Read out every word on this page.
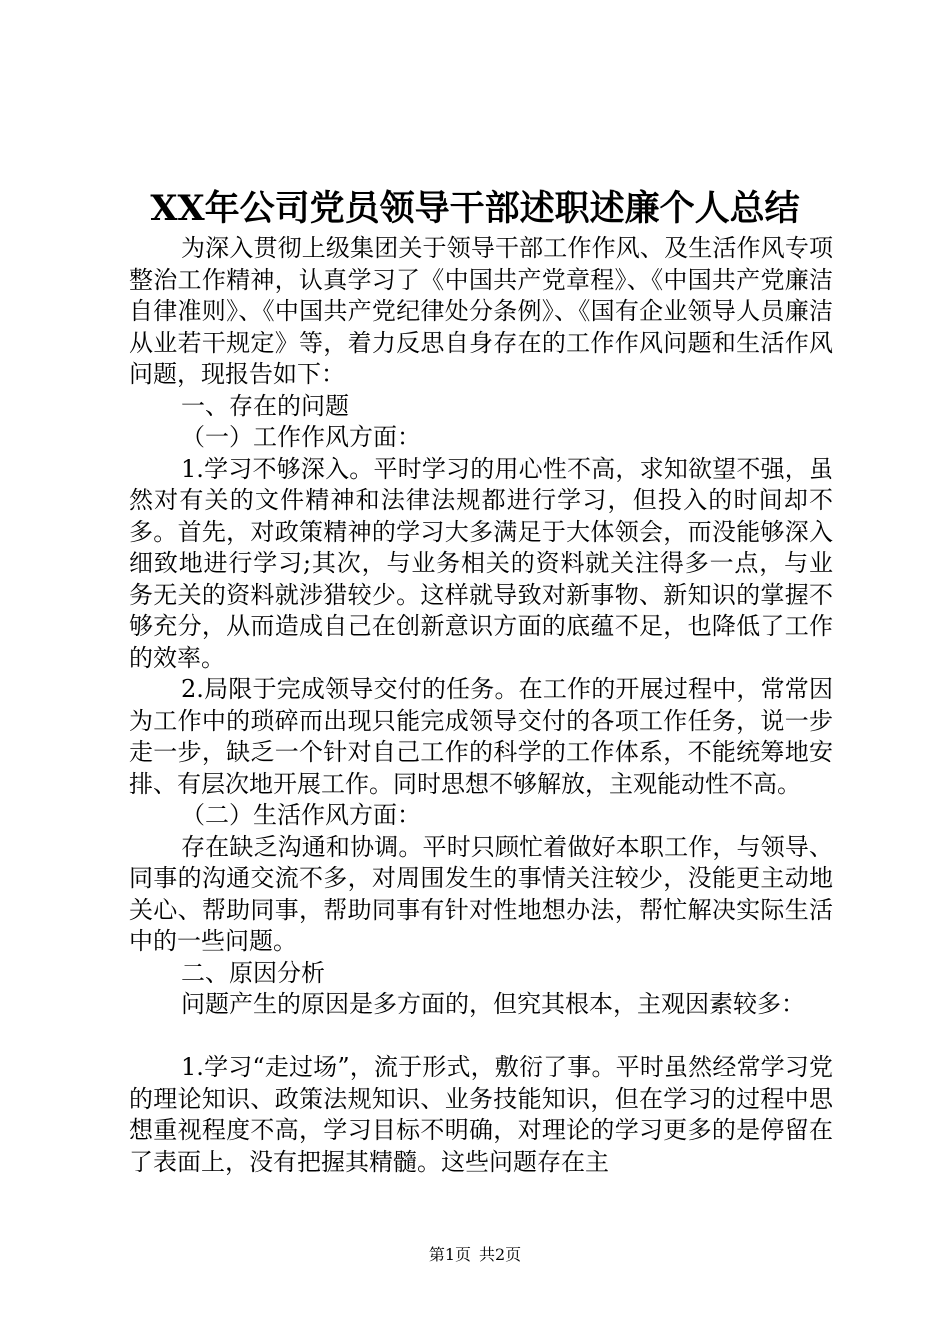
XX年公司党员领导干部述职述廉个人总结

为深入贯彻上级集团关于领导干部工作作风、及生活作风专项整治工作精神，认真学习了《中国共产党章程》、《中国共产党廉洁自律准则》、《中国共产党纪律处分条例》、《国有企业领导人员廉洁从业若干规定》等，着力反思自身存在的工作作风问题和生活作风问题，现报告如下：

一、存在的问题

（一）工作作风方面：

1.学习不够深入。平时学习的用心性不高，求知欲望不强，虽然对有关的文件精神和法律法规都进行学习，但投入的时间却不多。首先，对政策精神的学习大多满足于大体领会，而没能够深入细致地进行学习;其次，与业务相关的资料就关注得多一点，与业务无关的资料就涉猎较少。这样就导致对新事物、新知识的掌握不够充分，从而造成自己在创新意识方面的底蕴不足，也降低了工作的效率。

2.局限于完成领导交付的任务。在工作的开展过程中，常常因为工作中的琐碎而出现只能完成领导交付的各项工作任务，说一步走一步，缺乏一个针对自己工作的科学的工作体系，不能统筹地安排、有层次地开展工作。同时思想不够解放，主观能动性不高。

（二）生活作风方面：

存在缺乏沟通和协调。平时只顾忙着做好本职工作，与领导、同事的沟通交流不多，对周围发生的事情关注较少，没能更主动地关心、帮助同事，帮助同事有针对性地想办法，帮忙解决实际生活中的一些问题。

二、原因分析

问题产生的原因是多方面的，但究其根本，主观因素较多：

1.学习“走过场”，流于形式，敷衍了事。平时虽然经常学习党的理论知识、政策法规知识、业务技能知识，但在学习的过程中思想重视程度不高，学习目标不明确，对理论的学习更多的是停留在了表面上，没有把握其精髓。这些问题存在主

第1页 共2页
